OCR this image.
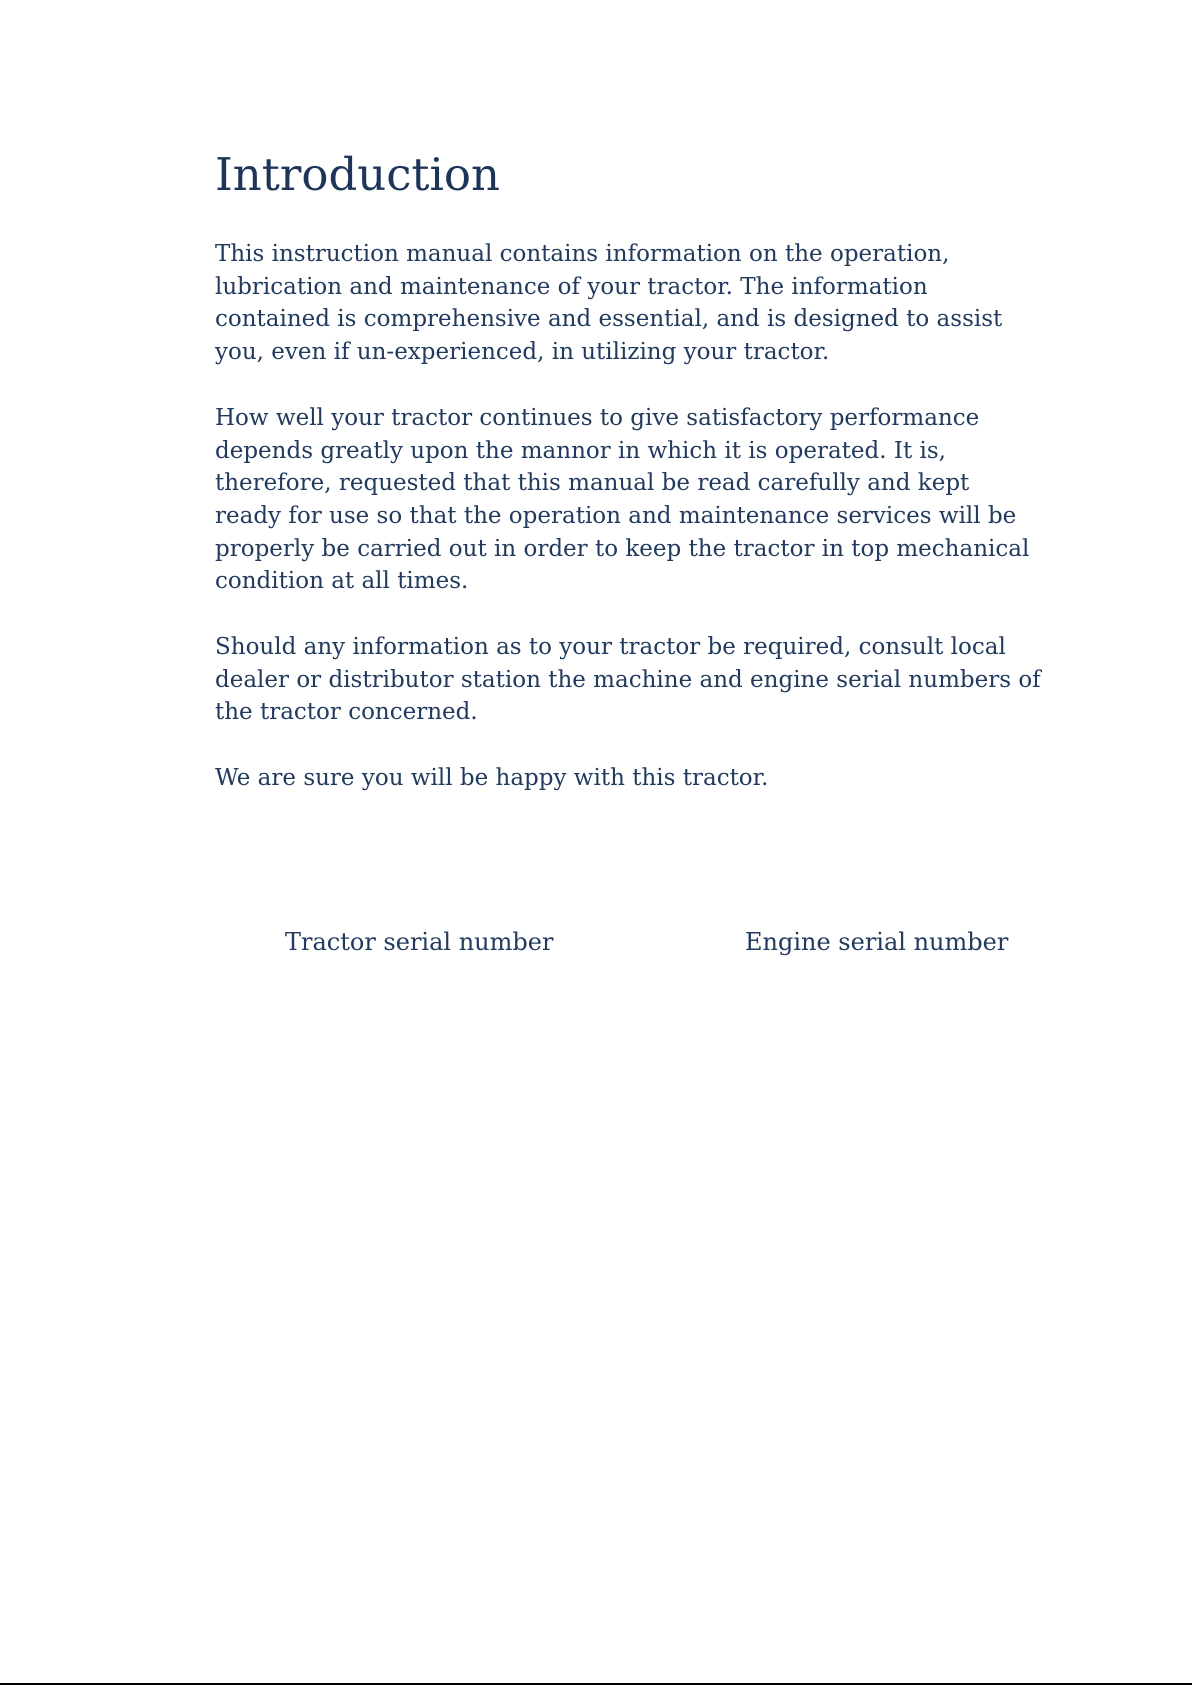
Introduction

This instruction manual contains information on the operation,
lubrication and maintenance of your tractor. The information
contained is comprehensive and essential, and is designed to assist
you, even if un-experienced, in utilizing your tractor.

How well your tractor continues to give satisfactory performance
depends greatly upon the mannor in which it is operated. It is,
therefore, requested that this manual be read carefully and kept
ready for use so that the operation and maintenance services will be
properly be carried out in order to keep the tractor in top mechanical
condition at all times.

Should any information as to your tractor be required, consult local
dealer or distributor station the machine and engine serial numbers of
the tractor concerned.

We are sure you will be happy with this tractor.

Tractor serial number	Engine serial number
